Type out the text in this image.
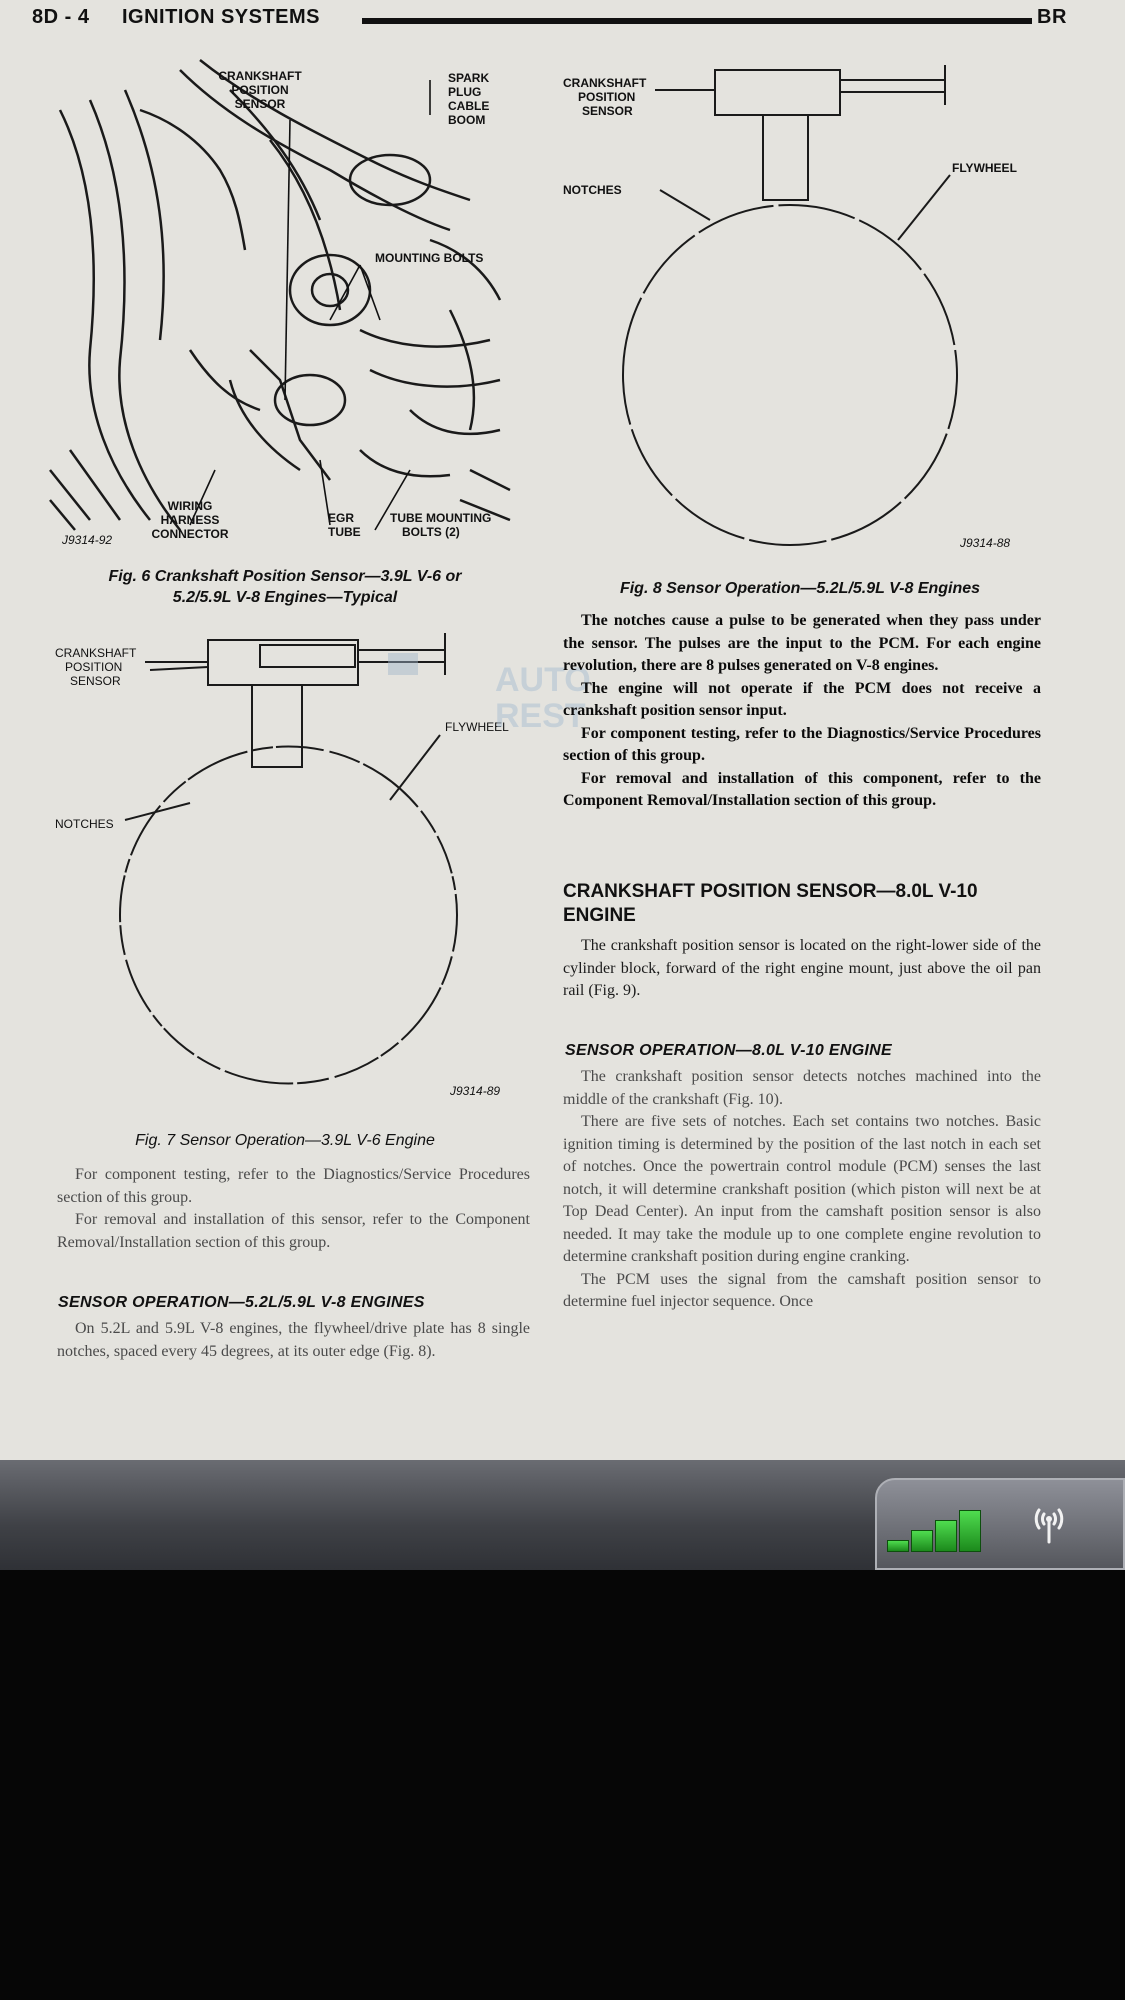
8D - 4	IGNITION SYSTEMS	BR
CRANKSHAFT
POSITION
SENSOR
SPARK
PLUG
CABLE
BOOM
MOUNTING BOLTS
WIRING
HARNESS
CONNECTOR
EGR
TUBE
TUBE MOUNTING
BOLTS (2)
J9314-92
Fig. 6 Crankshaft Position Sensor—3.9L V-6 or
5.2/5.9L V-8 Engines—Typical
CRANKSHAFT
POSITION
SENSOR
FLYWHEEL
NOTCHES
J9314-89
Fig. 7 Sensor Operation—3.9L V-6 Engine
CRANKSHAFT
POSITION
SENSOR
FLYWHEEL
NOTCHES
J9314-88
Fig. 8 Sensor Operation—5.2L/5.9L V-8 Engines
AUTO REST

For component testing, refer to the Diagnostics/Service Procedures section of this group.

For removal and installation of this sensor, refer to the Component Removal/Installation section of this group.

SENSOR OPERATION—5.2L/5.9L V-8 ENGINES

On 5.2L and 5.9L V-8 engines, the flywheel/drive plate has 8 single notches, spaced every 45 degrees, at its outer edge (Fig. 8).

The notches cause a pulse to be generated when they pass under the sensor. The pulses are the input to the PCM. For each engine revolution, there are 8 pulses generated on V-8 engines.

The engine will not operate if the PCM does not receive a crankshaft position sensor input.

For component testing, refer to the Diagnostics/Service Procedures section of this group.

For removal and installation of this component, refer to the Component Removal/Installation section of this group.

CRANKSHAFT POSITION SENSOR—8.0L V-10 ENGINE

The crankshaft position sensor is located on the right-lower side of the cylinder block, forward of the right engine mount, just above the oil pan rail (Fig. 9).

SENSOR OPERATION—8.0L V-10 ENGINE

The crankshaft position sensor detects notches machined into the middle of the crankshaft (Fig. 10).

There are five sets of notches. Each set contains two notches. Basic ignition timing is determined by the position of the last notch in each set of notches. Once the powertrain control module (PCM) senses the last notch, it will determine crankshaft position (which piston will next be at Top Dead Center). An input from the camshaft position sensor is also needed. It may take the module up to one complete engine revolution to determine crankshaft position during engine cranking.

The PCM uses the signal from the camshaft position sensor to determine fuel injector sequence. Once
